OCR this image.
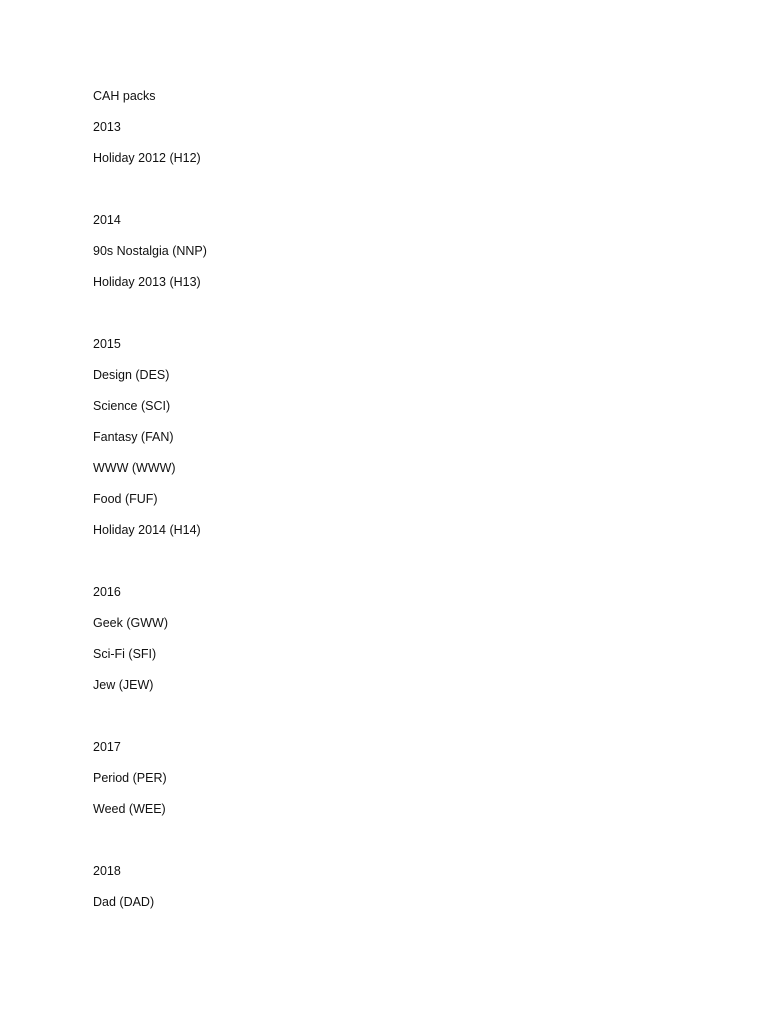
CAH packs
2013
Holiday 2012 (H12)
2014
90s Nostalgia (NNP)
Holiday 2013 (H13)
2015
Design (DES)
Science (SCI)
Fantasy (FAN)
WWW (WWW)
Food (FUF)
Holiday 2014 (H14)
2016
Geek (GWW)
Sci-Fi (SFI)
Jew (JEW)
2017
Period (PER)
Weed (WEE)
2018
Dad (DAD)
